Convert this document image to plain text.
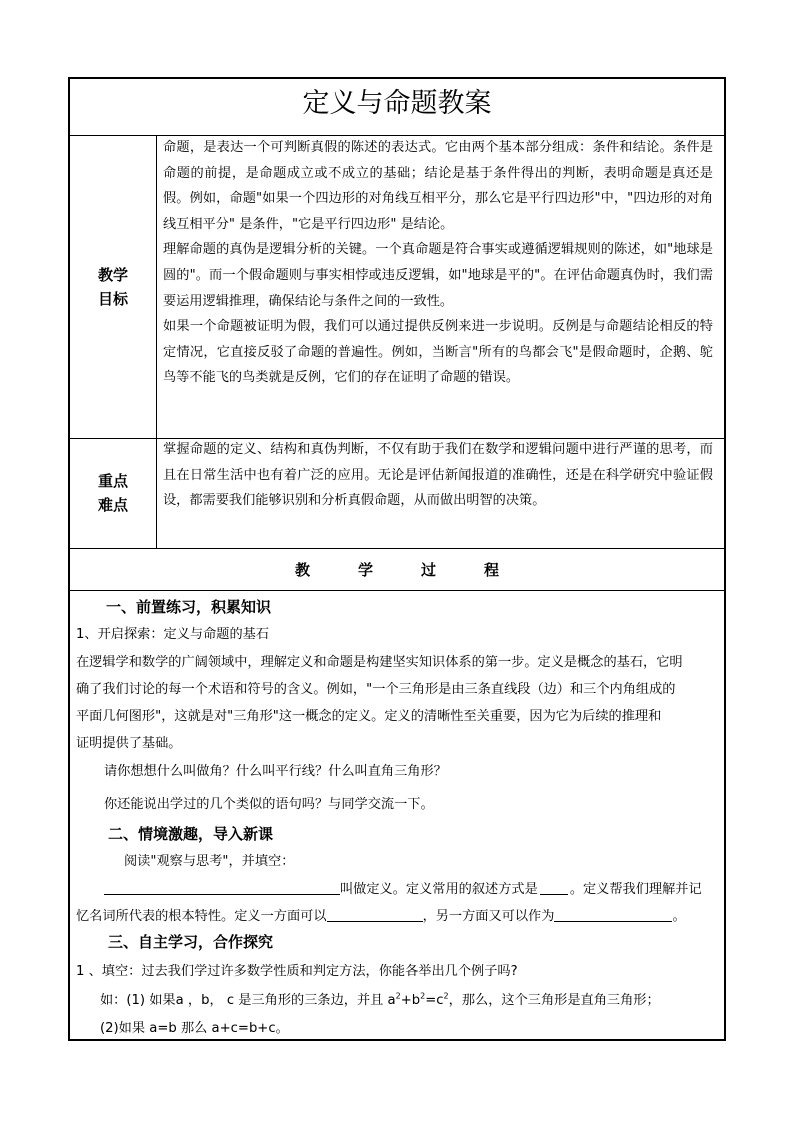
定义与命题教案
教学
目标

命题，是表达一个可判断真假的陈述的表达式。它由两个基本部分组成：条件和结论。条件是命题的前提，是命题成立或不成立的基础；结论是基于条件得出的判断，表明命题是真还是假。例如，命题"如果一个四边形的对角线互相平分，那么它是平行四边形"中，"四边形的对角线互相平分" 是条件，"它是平行四边形" 是结论。

理解命题的真伪是逻辑分析的关键。一个真命题是符合事实或遵循逻辑规则的陈述，如"地球是圆的"。而一个假命题则与事实相悖或违反逻辑，如"地球是平的"。在评估命题真伪时，我们需要运用逻辑推理，确保结论与条件之间的一致性。

如果一个命题被证明为假，我们可以通过提供反例来进一步说明。反例是与命题结论相反的特定情况，它直接反驳了命题的普遍性。例如，当断言"所有的鸟都会飞"是假命题时，企鹅、鸵鸟等不能飞的鸟类就是反例，它们的存在证明了命题的错误。

重点
难点

掌握命题的定义、结构和真伪判断，不仅有助于我们在数学和逻辑问题中进行严谨的思考，而且在日常生活中也有着广泛的应用。无论是评估新闻报道的准确性，还是在科学研究中验证假设，都需要我们能够识别和分析真假命题，从而做出明智的决策。

教	学	过	程
一、前置练习，积累知识
1、开启探索：定义与命题的基石
在逻辑学和数学的广阔领域中，理解定义和命题是构建坚实知识体系的第一步。定义是概念的基石，它明
确了我们讨论的每一个术语和符号的含义。例如，"一个三角形是由三条直线段（边）和三个内角组成的
平面几何图形"，这就是对"三角形"这一概念的定义。定义的清晰性至关重要，因为它为后续的推理和
证明提供了基础。
请你想想什么叫做角？什么叫平行线？什么叫直角三角形？
你还能说出学过的几个类似的语句吗？与同学交流一下。
二、情境激趣，导入新课
阅读"观察与思考"，并填空：
叫做定义。定义常用的叙述方式是 。定义帮我们理解并记
忆名词所代表的根本特性。定义一方面可以	，另一方面又可以作为	。
三、自主学习，合作探究
1 、填空：过去我们学过许多数学性质和判定方法，你能各举出几个例子吗?
如：(1) 如果a ，b， c 是三角形的三条边，并且 $a^2+b^2=c^2$，那么，这个三角形是直角三角形；
(2)如果 a=b 那么 a+c=b+c。
